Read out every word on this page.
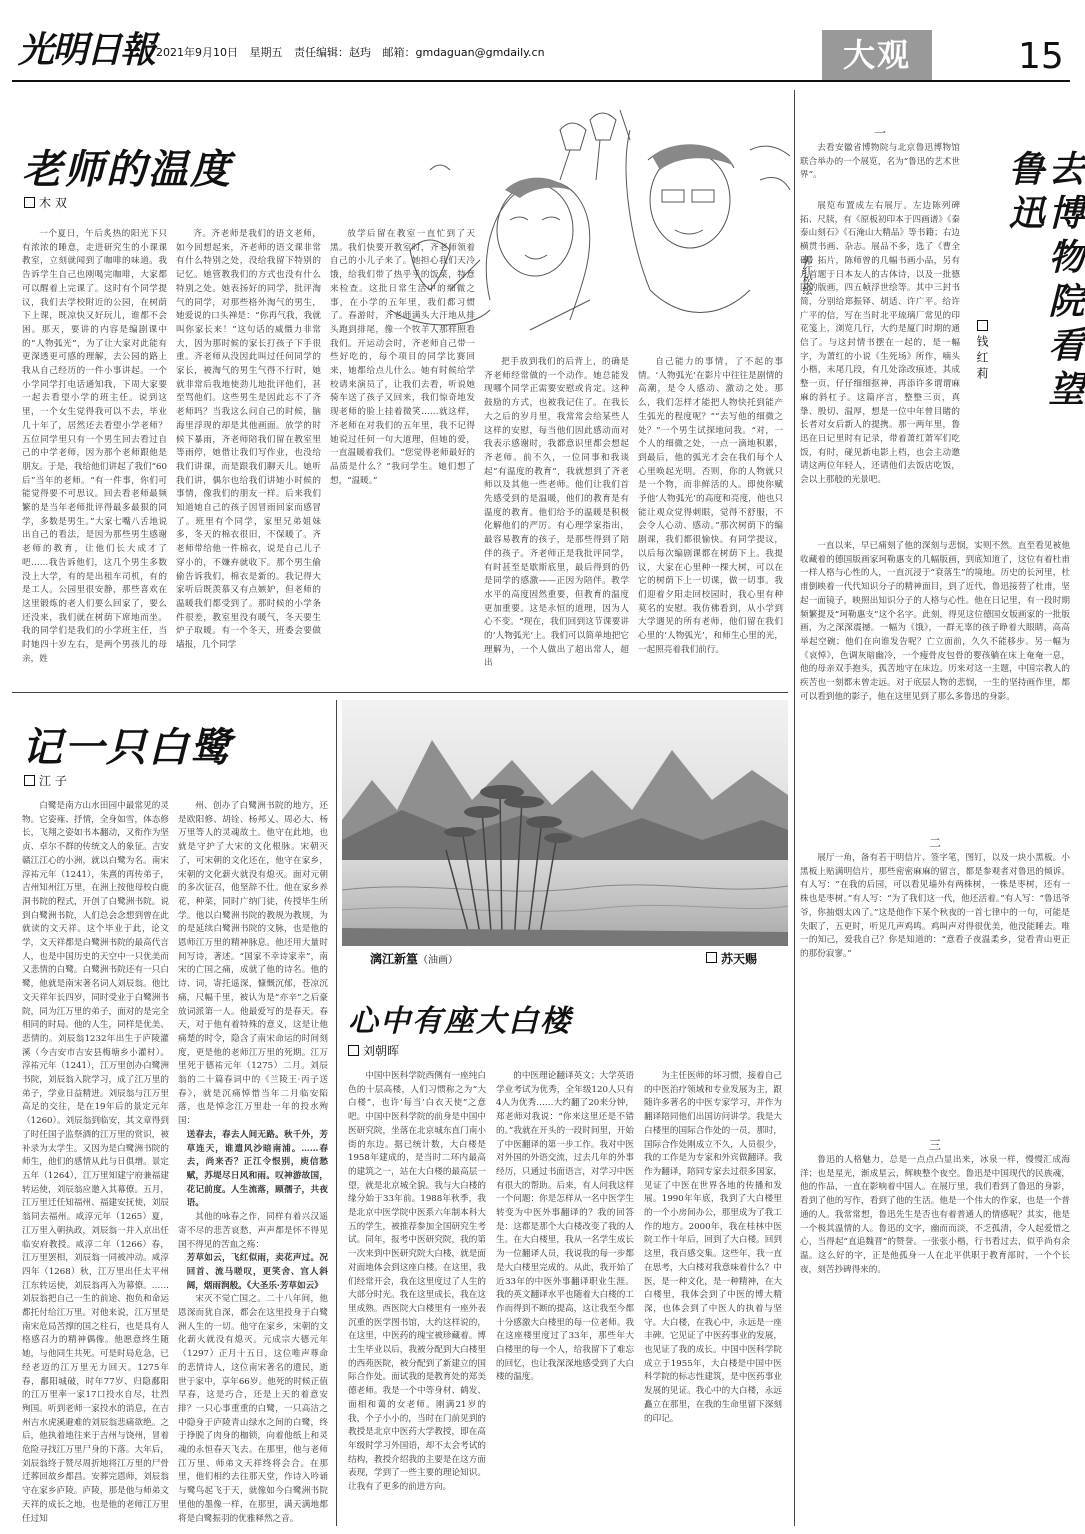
光明日報 2021年9月10日 星期五 责任编辑：赵玙 邮箱：gmdaguan@gmdaily.cn	大观	15
老师的温度
木 双
郭红松绘

一个夏日，午后炙热的阳光下只有浓浓的睡意，走进研究生的小课课教室，立刻就闻到了咖啡的味道。我告诉学生自己也刚喝完咖啡，大家都可以醒着上完课了。这时有个同学提议，我们去学校附近的公园，在树荫下上课，既凉快又好玩儿，谁都不会困。那天，要讲的内容是编剧课中的“人物弧光”，为了让大家对此能有更深透更可感的理解，去公园的路上我从自己经历的一件小事讲起。一个小学同学打电话通知我，下周大家要一起去看望小学的班主任。说到这里，一个女生觉得我可以不去，毕业几十年了，居然还去看望小学老师？五位同学里只有一个男生回去看过自己的中学老师，因为那个老师跟他是朋友。于是，我给他们讲起了我们“60后”当年的老师。“有一件事，你们可能觉得要不可思议。回去看老师最频繁的是当年老师批评得最多最狠的同学，多数是男生。”大家七嘴八舌地说出自己的看法，是因为那些男生感谢老师的教育，让他们长大成才了吧……我告诉他们，这几个男生多数没上大学，有的是出租车司机，有的是工人。公园里很安静，那些喜欢在这里锻炼的老人们要么回家了，要么还没来，我们就在树荫下席地而坐。我的同学们是我们的小学班主任，当时她四十岁左右，是两个男孩儿的母亲，姓

齐。齐老师是我们的语文老师，如今回想起来，齐老师的语文课非常有什么特别之处，没给我留下特别的记忆。她管教我们的方式也没有什么特别之处。她表扬好的同学，批评淘气的同学，对那些格外淘气的男生，她爱说的口头禅是：“你再气我，我就叫你家长来！”这句话的威慑力非常大，因为那时候的家长打孩子下手很重。齐老师从没因此叫过任何同学的家长，被淘气的男生气得不行时，她就非常后我地使劲儿地批评他们，甚至骂他们。这些男生是因此忘不了齐老师吗？当我这么问自己的时候，脑海里浮现的却是其他画面。放学的时候下暴雨，齐老师陪我们留在教室里等雨停，她借让我们写作业，也没给我们讲课，而是跟我们聊天儿。她听我们讲，偶尔也给我们讲她小时候的事情，像我们的朋友一样。后来我们知道她自己的孩子因冒雨回家而感冒了。班里有个同学，家里兄弟姐妹多，冬天的棉衣很旧，不保暖了。齐老师带给他一件棉衣，说是自己儿子穿小的，不嫌弃就收下。那个男生偷偷告诉我们，棉衣是新的。我记得大家听后既羡慕又有点嫉妒，但老师的温暖我们都受到了。那时候的小学条件很差，教室里没有暖气，冬天要生炉子取暖。有一个冬天，班委会要做墙报，几个同学

放学后留在教室一直忙到了天黑。我们快要开教室时，齐老师领着自己的小儿子来了。她担心我们天冷饿，给我们带了热乎乎的饭菜，特意来检查。这批日常生活中的细微之事，在小学的五年里，我们都习惯了。春游时，齐老师满头大汗地从排头跑到排尾，像一个牧羊人那样照看我们。开运动会时，齐老师自己带一些好吃的，每个项目的同学比赛回来，她都给点儿什么。她有时候给学校请来演员了，让我们去看，听说她骑车送了孩子又回来，我们惊奇地发现老师的脸上挂着微笑……就这样，齐老师在对我们的五年里，我不记得她说过任何一句大道理，但她的爱，一直温暖着我们。“您觉得老师最好的品质是什么？”我问学生。她们想了想，“温暖。”

把手放到我们的后背上，的确是齐老师经常做的一个动作。她总能发现哪个同学正需要安慰或肯定。这种鼓励的方式，也被我记住了。在我长大之后的岁月里，我常常会给某些人这样的安慰，每当他们因此感动而对我表示感谢时，我都意识里都会想起齐老师。前不久，一位同事和我谈起“有温度的教育”，我就想到了齐老师以及其他一些老师。他们让我们首先感受到的是温暖，他们的教育是有温度的教育。他们给予的温暖是积极化解他们的严厉。有心理学家指出，最容易教育的孩子，是那些得到了陪伴的孩子。齐老师正是我批评同学，有时甚至是歇斯底里，最后得到的仍是同学的感激——正因为陪伴。教学水平的高度固然重要，但教育的温度更加重要。这是永恒的道理，因为人心不变。“现在，我们回到这节课要讲的‘人物弧光’上。我们可以简单地把它理解为，一个人做出了超出常人，超出

自己能力的事情，了不起的事情。‘人物弧光’在影片中往往是剧情的高潮，是令人感动、激动之处。那么，我们怎样才能把人物快托到能产生弧光的程度呢？”“去写他的细微之处？”一个男生试探地问我。“对，一个人的细微之处，一点一滴地积累，到最后，他的弧光才会在我们每个人心里唤起光明。否则，你的人物就只是一个物，而非鲜活的人。即使你赋予他‘人物弧光’的高度和亮度，他也只能让观众觉得刺眼，觉得不舒服，不会令人心动、感动。”那次树荫下的编剧课，我们都很愉快。有同学提议，以后每次编剧课都在树荫下上。我提议，大家在心里种一棵大树，可以在它的树荫下上一切课，做一切事。我们迎着夕阳走回校园时，我心里有种莫名的安慰。我仿佛看到，从小学到大学遇见的所有老师，他们留在我们心里的‘人物弧光’，和师生心里的光，一起照亮着我们前行。

记一只白鹭
江 子
漓江新篁（油画）	苏天赐

白鹭是南方山水田园中最常见的灵物。它姿雍、抒情，全身如雪，体态修长，飞翔之姿如书本翻动，又衔作为坚贞、卓尔不群的传统文人的象征。吉安赣江江心的小洲，就以白鹭为名。南宋淳祐元年（1241），朱熹的再传弟子，吉州知州江万里，在洲上按他母校白鹿洞书院的程式，开创了白鹭洲书院。说到白鹭洲书院，人们总会念想到曾在此就读的文天祥。这个毕业于此，论文学，文天祥都是白鹭洲书院的最高代言人，也是中国历史的天空中一只优美而又悲情的白鹭。白鹭洲书院还有一只白鹭，他就是南宋著名词人刘辰翁。他比文天祥年长四岁，同时受业于白鹭洲书院，同为江万里的弟子，面对的是完全相同的时局。他的人生，同样是优美、悲情的。刘辰翁1232年出生于庐陵灌溪（今吉安市吉安县梅塘乡小灌村）。淳祐元年（1241），江万里创办白鹭洲书院，刘辰翁入院学习，成了江万里的弟子，学业日益精进。刘辰翁与江万里高足的交往，是在19年后的景定元年（1260）。刘辰翁到临安，其文章得到了时任国子监祭酒的江万里的赏识，被补录为太学生。又因为是白鹭洲书院的师生，他们的感情从此与日俱增。景定五年（1264），江万里知建宁府兼福建转运使，刘辰翁应邀入其幕僚。五月，江万里迁任知福州、福建安抚使，刘辰翁同去福州。咸淳元年（1265）夏，江万里入朝执政，刘辰翁一并入京出任临安府教授。咸淳二年（1266）春，江万里罢相，刘辰翁一同被冲动。咸淳四年（1268）秋，江万里出任太平州江东转运使，刘辰翁再入为幕僚。……刘辰翁把自己一生的前途、抱负和命运都托付给江万里。对他来说，江万里是南宋危局苦撑的国之柱石，也是具有人格感召力的精神偶像。他愿意终生随她，与他同生共死。可是时局危急，已经老迈的江万里无力回天。1275年春，鄱阳城破，时年77岁、归隐鄱阳的江万里率一家17口投水自尽，壮烈殉国。听到老师一家投水的消息，在吉州吉水虎溪避难的刘辰翁悲痛欲绝。之后，他执着地往来于吉州与饶州，冒着危险寻找江万里尸身的下落。大年后，刘辰翁终于赞尽周折地将江万里的尸骨迁葬回故乡都昌。安葬完恩师，刘辰翁守在家乡庐陵。庐陵，那是他与师弟文天祥的成长之地，也是他的老师江万里任过知

州、创办了白鹭洲书院的地方，还是欧阳修、胡铨、杨邦乂、周必大、杨万里等人的灵魂故土。他守在此地，也就是守护了大宋的文化根脉。宋朝灭了，可宋朝的文化还在，他守在家乡，宋朝的文化薪火就没有熄灭。面对元朝的多次征召，他坚辞不仕。他在家乡养花，种菜，同时广纳门徒，传授毕生所学。他以白鹭洲书院的教规为教规，为的是延续白鹭洲书院的文脉，也是他的恩师江万里的精神脉息。他还用大量时间写诗，著述。“国家不幸诗家幸”，南宋的亡国之痛，成就了他的诗名。他的诗、词，寄托遥深，慷慨沉郁，苍凉沉痛，尺幅千里，被认为是“亦辛”之后豪放词派第一人。他最爱写的是春天。春天，对于他有着特殊的意义，这是让他痛楚的时令，隐含了南宋命运的时间刻度，更是他的老师江万里的死期。江万里死于德祐元年（1275）二月。刘辰翁的二十篇春词中的《兰陵王·丙子送春》，就是沉痛悼惜当年二月临安陷落，也是悼念江万里赴一年的投水殉国：

送春去，春去人间无路。秋千外，芳草连天，谁遣风沙暗南浦。……春去，尚来否？正江令恨别，庾信愁赋，苏堤尽日风和雨。叹神游故国，花记前度。人生流落，顾孺子，共夜语。

其他的咏春之作，同样有着兴汉遥寄不尽的悲苦哀愁，声声都是怀不得见国不得见的苦血之殇：

芳草如云，飞红似雨，卖花声过。况回首、流马嗟叹，更笑舍、宫人斜阔，烟雨润般。《大圣乐·芳草如云》

宋灭不觉亡国之。二十八年间，他恩深而犹自深，都会在这里投身于白鹭洲人生的一切。他守在家乡，宋朝的文化薪火就没有熄灭。元成宗大德元年（1297）正月十五日，这位唯声尊命的悲情诗人，这位南宋著名的遗民，逝世于家中，享年66岁。他死的时候正值早春，这是巧合，还是上天的着意安排？一只心事重重的白鹭，一只高洁之中隐身于庐陵青山绿水之间的白鹭，终于挣脱了肉身的枷锁，向着他纸上和灵魂的永恒春天飞去。在那里，他与老师江万里、师弟文天祥终将会合。在那里，他们相约去往那天堂，作诗入吟诵与鹭鸟起飞于天，就像如今白鹭洲书院里他的墨像一样，在那里，满天满地都将是白鹭振羽的优雅释然之音。

心中有座大白楼
刘朝晖

中国中医科学院西侧有一座纯白色的十层高楼，人们习惯称之为“大白楼”，也许‘每当’白衣天使”之意吧。中国中医科学院的前身是中国中医研究院，坐落在北京城东直门南小街的东边。据已统计数，大白楼是1958年建成的，是当时二环内最高的建筑之一，站在大白楼的最高层一望，就是北京城全貌。我与大白楼的缘分始于33年前。1988年秋季，我是北京中医学院中医系六年制本科大五的学生，被推荐参加全国研究生考试。同年，报考中医研究院，我的第一次来到中医研究院大白楼，就是面对面地体会到这座白楼。在这里，我们经常开会，我在这里度过了人生的大部分时光。我在这里成长，我在这里成熟。西医院大白楼里有一座外表沉重的医学图书馆，大约这样说的，在这里，中医药的瑰宝被珍藏着。博士生毕业以后，我被分配到大白楼里的西苑医院，被分配到了新建立的国际合作处。面试我的是教育处的郑美德老师。我是一个中等身材、鹤发、面相和蔼的女老师。刚满21岁的我，个子小小的，当时在门前见到的教授是北京中医药大学教授，即在高年级时学习外国语，却不太会考试的结构，教授介绍我的主要是在这方面表现，学到了一些主要的理论知识。让我有了更多的前进方向。

的中医理论翻译英文；大学英语学业考试为优秀，全年级120人只有4人为优秀……大约翻了20来分钟，郑老师对我说：“你来这里还是不错的。”我就在开头的一段时间里，开始了中医翻译的第一步工作。我对中医对外国的外语交流，过去几年的外事经历，只通过书面语言，对学习中医有很大的帮助。后来，有人问我这样一个问题：你是怎样从一名中医学生转变为中医外事翻译的？我的回答是：这都是那个大白楼改变了我的人生。在大白楼里，我从一名学生成长为一位翻译人员，我说我的每一步都是大白楼里完成的。从此，我开始了近33年的中医外事翻译职业生涯。我的英文翻译水平也随着大白楼的工作而得到不断的提高，这让我至今都十分感激大白楼里的每一位老师。我在这座楼里度过了33年，那些年大白楼里的每一个人，给我留下了难忘的回忆，也让我深深地感受到了大白楼的温度。

为主任医师的坏习惯，接着自己的中医治疗领域和专业发展为主，跟随许多著名的中医专家学习，并作为翻译陪同他们出国访问讲学。我是大白楼里的国际合作处的一员，那时，国际合作处刚成立不久，人员很少，我的工作是为专家和外宾做翻译。我作为翻译，陪同专家去过很多国家，见证了中医在世界各地的传播和发展。1990年年底，我到了大白楼里的一个小房间办公，那里成为了我工作的地方。2000年，我在桂林中医院工作十年后，回到了大白楼。回到这里，我百感交集。这些年，我一直在思考，大白楼对我意味着什么？中医，是一种文化，是一种精神，在大白楼里，我体会到了中医的博大精深，也体会到了中医人的执着与坚守。大白楼，在我心中，永远是一座丰碑。它见证了中医药事业的发展，也见证了我的成长。中国中医科学院成立于1955年，大白楼是中国中医科学院的标志性建筑，是中医药事业发展的见证。我心中的大白楼，永远矗立在那里，在我的生命里留下深刻的印记。

一

去看安徽省博物院与北京鲁迅博物馆联合举办的一个展览，名为“鲁迅的艺术世界”。	去博物院看望鲁迅
钱红莉

展览布置成左右展厅。左边陈列碑拓、尺牍，有《原板初印本于四画谱》《秦泰山刻石》《石淹山大精品》等书籍；右边横贯书画、杂志。展品不多，选了《曹全碑》拓片，陈师曾的几幅书画小品，另有几首题于日本友人的古体诗，以及一批德国的版画，四五帧浮世绘等。其中三封书简，分别给郑振铎、胡适、许广平。给许广平的信，写在当时北平琉璃厂常见的印花笺上，浏览几行，大约是厦门时期的通信了。与这封情书摆在一起的，是一幅字，为萧红的小说《生死场》所作，喃头小楷，末尾几段，有几处涂改痕迹，其成整一页，仔仔细细抠神，再添许多谓谓麻麻的斜杠子。这篇序言，整整三页，真挚、殷切、温厚，想是一位中年曾目睹的长者对女后新人的提携。那一两年里，鲁迅在日记里时有记录，带着萧红萧军们吃饭，有时，碰见新电影上档，也会主动邀请这两位年轻人，还请他们去饭店吃饭，会以上那般的光景吧。

一直以来，早已痛刻了他的深刻与悲悯，实则不然。直至看见被他收藏着的德国版画家珂勒惠支的几幅版画，到底知道了，这位有着杜甫一样人格与心性的人，一直沉浸于“衰落生”的境地。历史的长河里，杜甫倒映着一代代知识分子的精神面目，到了近代，鲁迅接替了杜甫，坚起一面镜子，映照出知识分子的人格与心性。他在日记里，有一段时期频繁提及“珂勒惠支”这个名字。此刻，得见这位德国女版画家的一批版画，为之深深震撼。一幅为《饿》，一群无辜的孩子睁着大眼睛，高高举起空碗；他们在向谁发告呢？亡立面前，久久不能移步。另一幅为《哀悼》，色调灰暗幽冷，一个瘦骨皮包骨的婴孩躺在床上奄奄一息，他的母亲双手抱头，孤苦地守在床边。历来对这一主题，中国宗教人的疾苦也一刻都未曾走远。对于底层人物的悲悯，一生的坚持画作里，都可以看到他的影子，他在这里见到了那么多鲁迅的身影。

二

展厅一角，备有若干明信片、签字笔，图钉，以及一块小黑板。小黑板上贴满明信片，那些密密麻麻的留言，都是参观者对鲁迅的倾诉。有人写：“在我的后园，可以看见墙外有两株树，一株是枣树，还有一株也是枣树。”有人写：“为了我们这一代，他还活着。”有人写：“鲁迅爷爷，你抽烟太凶了。”这是他作下某个秋夜的一首七律中的一句，可能是失眠了，五更时，听见几声鸡鸣。鸡叫声对得很优美，他没能睡去。唯一的知己，爱我自己？你是知道的：“意看子夜温柔乡，觉看青山更正的那份寂寥。”

三

鲁迅的人格魅力，总是一点点凸显出来，冰泉一样，慢慢汇成海洋；也是星光，渐成星云，辉映整个夜空。鲁迅是中国现代的民族魂，他的作品，一直在影响着中国人。在展厅里，我们看到了鲁迅的身影，看到了他的写作，看到了他的生活。他是一个伟大的作家，也是一个普通的人。我常常想，鲁迅先生是否也有着普通人的情感呢？其实，他是一个极其温情的人。鲁迅的文字，幽而而淡，不乏孤清，令人起爱惜之心，当得起“直追魏晋”的赞誉。一张张小楷，行书看过去，似乎尚有余温。这么好的字，正是他孤身一人在北平供职于教育部时，一个个长夜，刻苦抄碑得来的。
